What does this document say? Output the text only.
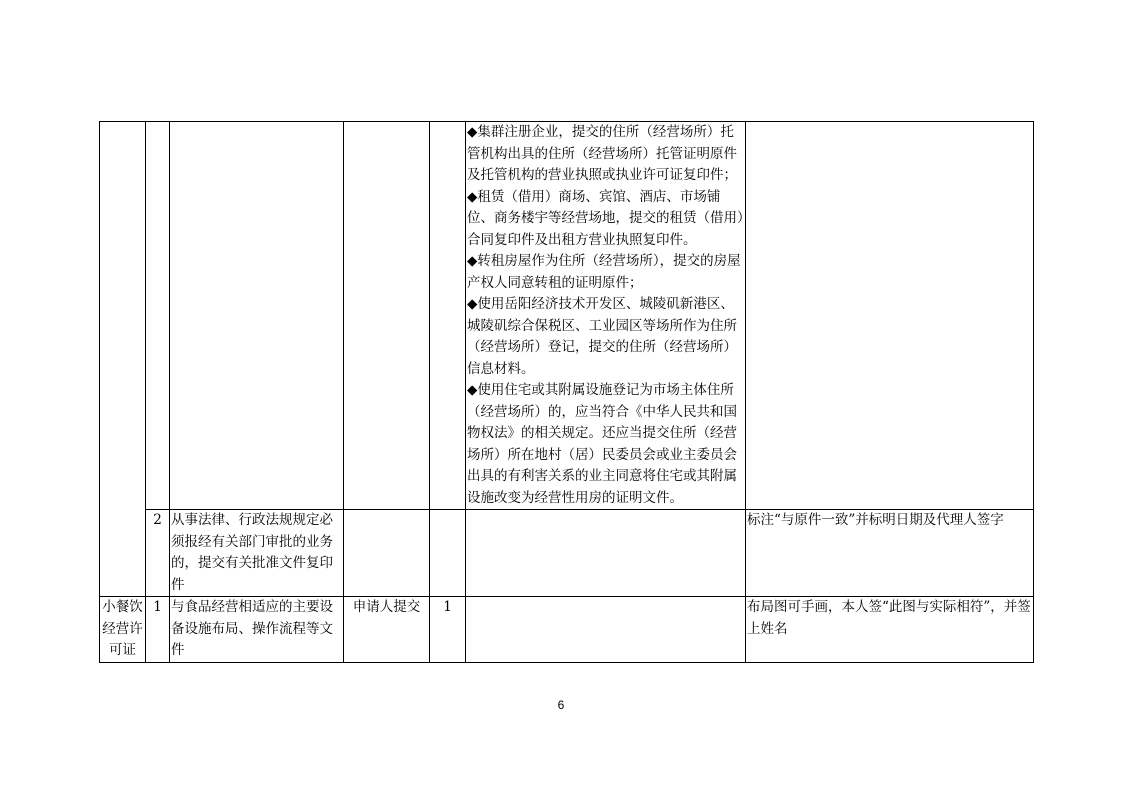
					◆集群注册企业，提交的住所（经营场所）托管机构出具的住所（经营场所）托管证明原件及托管机构的营业执照或执业许可证复印件；
◆租赁（借用）商场、宾馆、酒店、市场铺位、商务楼宇等经营场地，提交的租赁（借用）合同复印件及出租方营业执照复印件。
◆转租房屋作为住所（经营场所），提交的房屋产权人同意转租的证明原件；
◆使用岳阳经济技术开发区、城陵矶新港区、城陵矶综合保税区、工业园区等场所作为住所（经营场所）登记，提交的住所（经营场所）信息材料。
◆使用住宅或其附属设施登记为市场主体住所（经营场所）的，应当符合《中华人民共和国物权法》的相关规定。还应当提交住所（经营场所）所在地村（居）民委员会或业主委员会出具的有利害关系的业主同意将住宅或其附属设施改变为经营性用房的证明文件。	

	2	从事法律、行政法规规定必须报经有关部门审批的业务的，提交有关批准文件复印件				标注“与原件一致”并标明日期及代理人签字
小餐饮经营许可证	1	与食品经营相适应的主要设备设施布局、操作流程等文件	申请人提交	1		布局图可手画，本人签“此图与实际相符”，并签上姓名
6
